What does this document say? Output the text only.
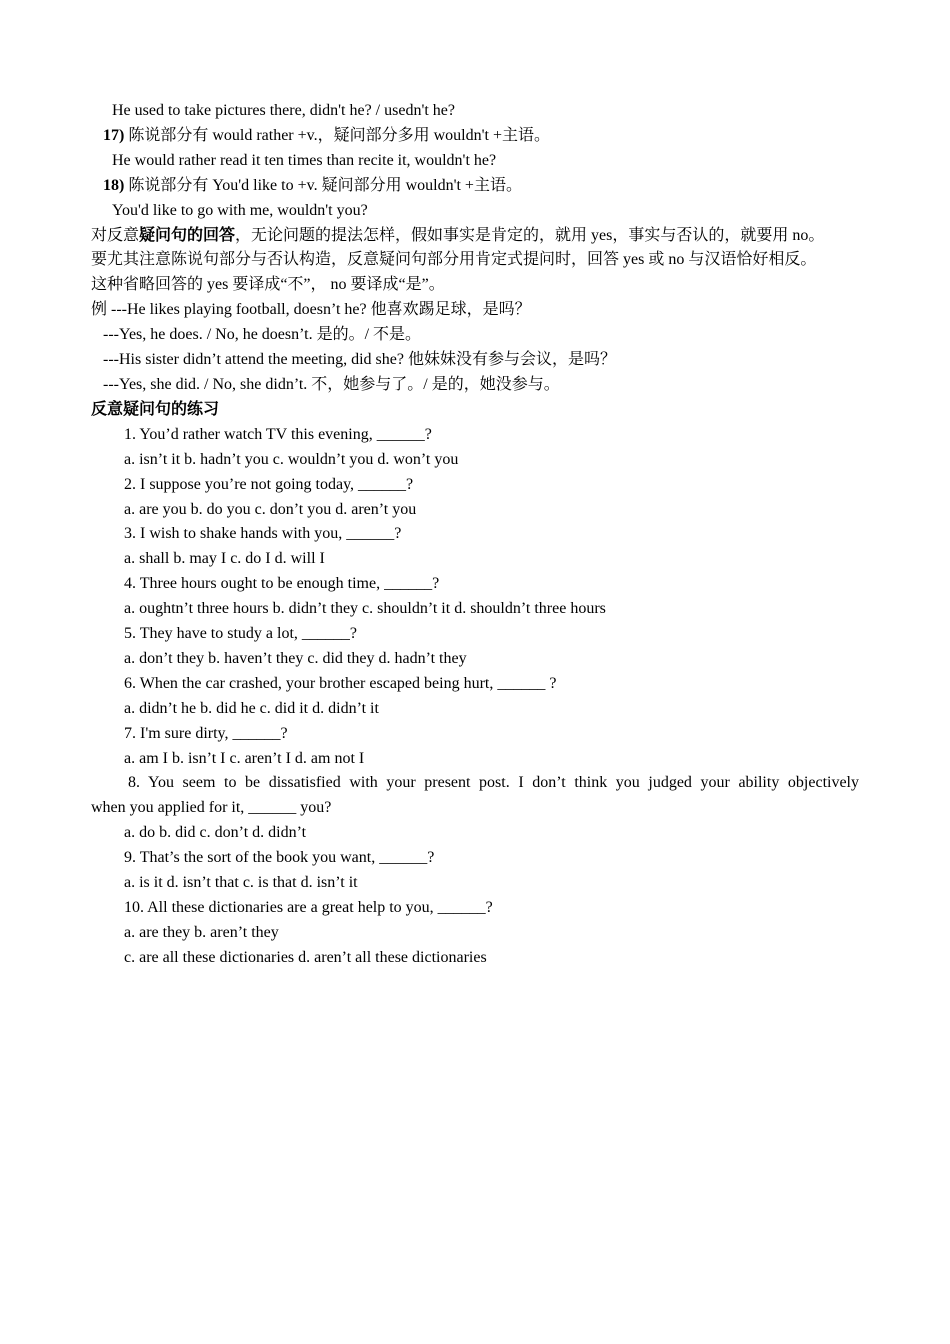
He used to take pictures there, didn't he? / usedn't he?
17) 陈说部分有 would rather +v.，疑问部分多用 wouldn't +主语。
He would rather read it ten times than recite it, wouldn't he?
18) 陈说部分有 You'd like to +v. 疑问部分用 wouldn't +主语。
You'd like to go with me, wouldn't you?
对反意疑问句的回答，无论问题的提法怎样，假如事实是肯定的，就用 yes，事实与否认的，就要用 no。
要尤其注意陈说句部分与否认构造，反意疑问句部分用肯定式提问时，回答 yes 或 no 与汉语恰好相反。
这种省略回答的 yes 要译成“不”， no 要译成“是”。
例 ---He likes playing football, doesn’t he? 他喜欢踢足球，是吗？
---Yes, he does. / No, he doesn’t. 是的。/ 不是。
---His sister didn’t attend the meeting, did she? 他妹妹没有参与会议，是吗？
---Yes, she did. / No, she didn’t. 不，她参与了。/ 是的，她没参与。
反意疑问句的练习
1. You’d rather watch TV this evening, ______?
a. isn’t it b. hadn’t you c. wouldn’t you d. won’t you
2. I suppose you’re not going today, ______?
a. are you b. do you c. don’t you d. aren’t you
3. I wish to shake hands with you, ______?
a. shall b. may I c. do I d. will I
4. Three hours ought to be enough time, ______?
a. oughtn’t three hours b. didn’t they c. shouldn’t it d. shouldn’t three hours
5. They have to study a lot, ______?
a. don’t they b. haven’t they c. did they d. hadn’t they
6. When the car crashed, your brother escaped being hurt, ______ ?
a. didn’t he b. did he c. did it d. didn’t it
7. I'm sure dirty, ______?
a. am I b. isn’t I c. aren’t I d. am not I
8. You seem to be dissatisfied with your present post. I don’t think you judged your ability objectively
when you applied for it, ______ you?
a. do b. did c. don’t d. didn’t
9. That’s the sort of the book you want, ______?
a. is it d. isn’t that c. is that d. isn’t it
10. All these dictionaries are a great help to you, ______?
a. are they b. aren’t they
c. are all these dictionaries d. aren’t all these dictionaries
